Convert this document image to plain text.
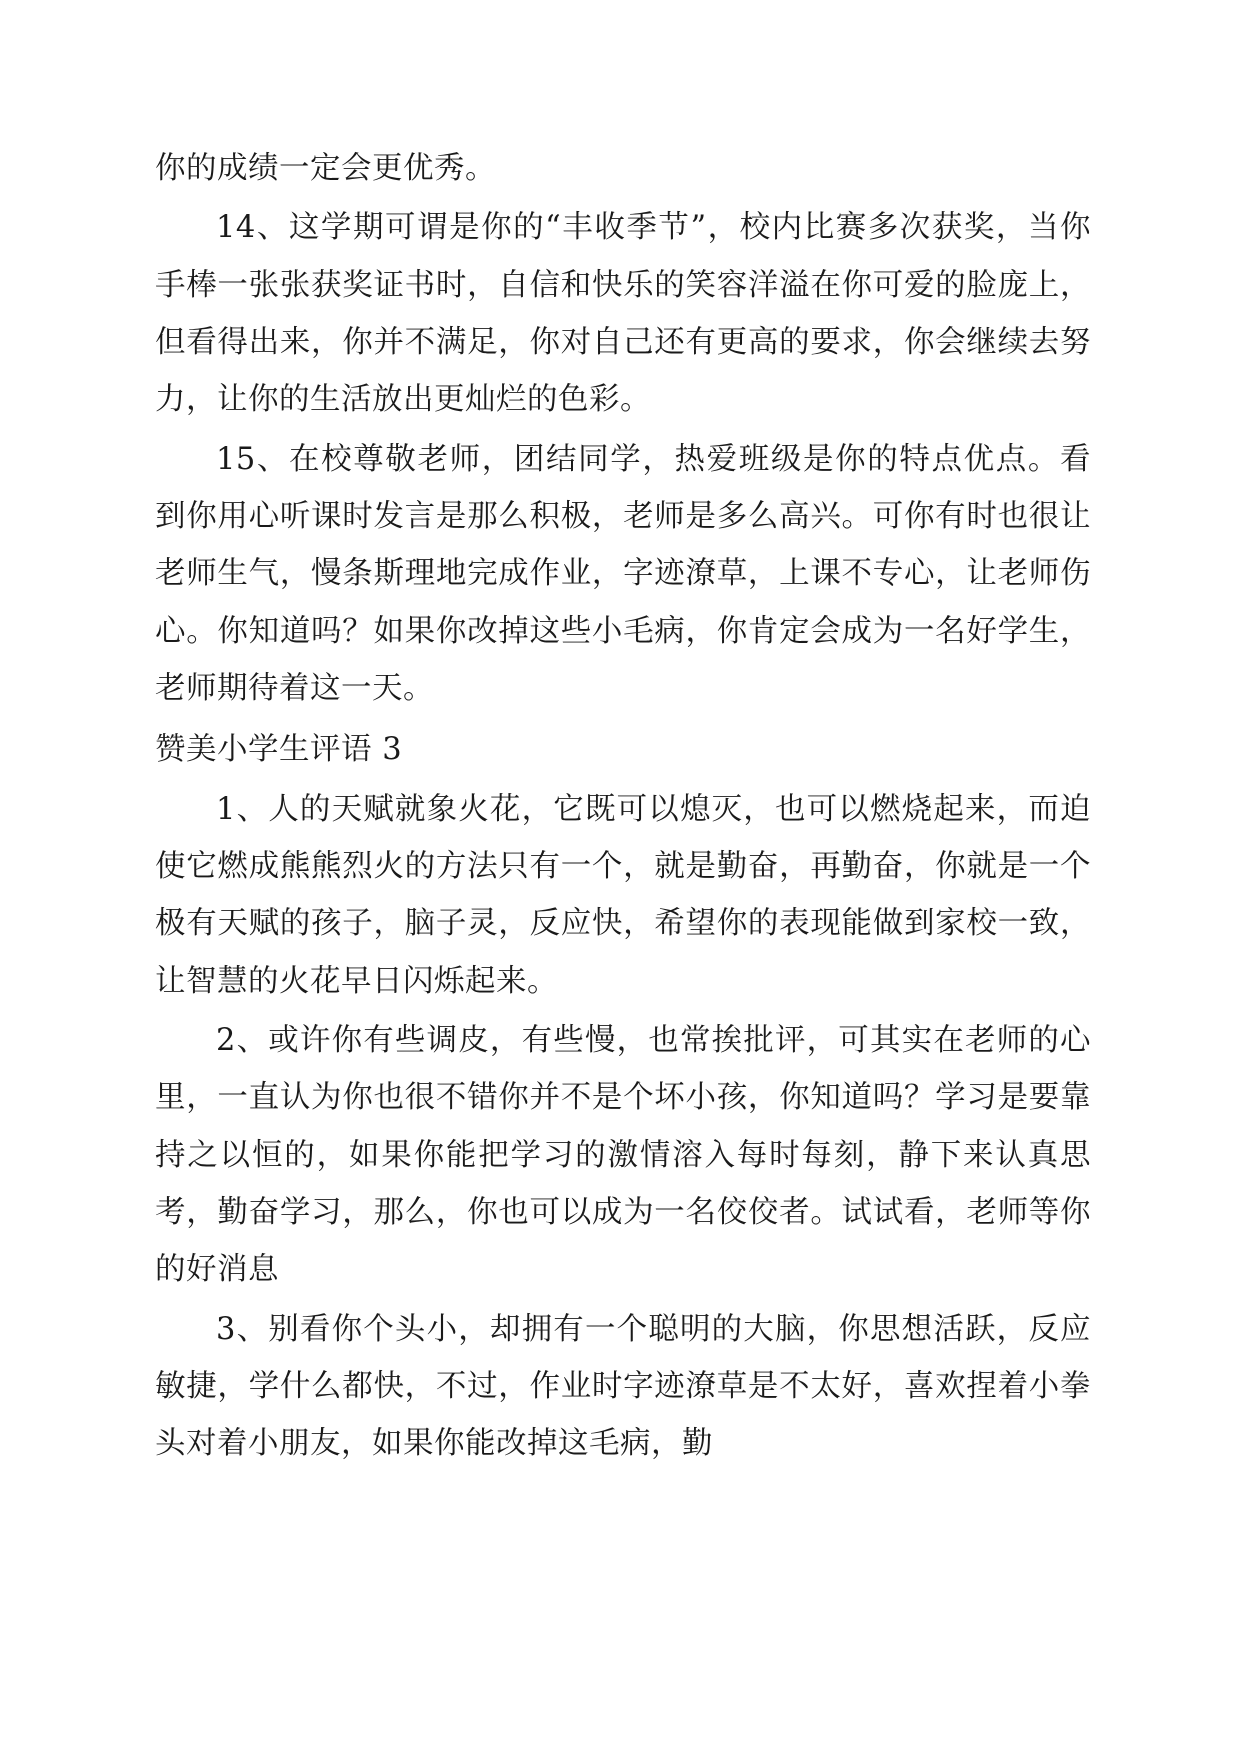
你的成绩一定会更优秀。

14、这学期可谓是你的“丰收季节”，校内比赛多次获奖，当你手棒一张张获奖证书时，自信和快乐的笑容洋溢在你可爱的脸庞上，但看得出来，你并不满足，你对自己还有更高的要求，你会继续去努力，让你的生活放出更灿烂的色彩。

15、在校尊敬老师，团结同学，热爱班级是你的特点优点。看到你用心听课时发言是那么积极，老师是多么高兴。可你有时也很让老师生气，慢条斯理地完成作业，字迹潦草，上课不专心，让老师伤心。你知道吗？如果你改掉这些小毛病，你肯定会成为一名好学生，老师期待着这一天。

赞美小学生评语 3

1、人的天赋就象火花，它既可以熄灭，也可以燃烧起来，而迫使它燃成熊熊烈火的方法只有一个，就是勤奋，再勤奋，你就是一个极有天赋的孩子，脑子灵，反应快，希望你的表现能做到家校一致，让智慧的火花早日闪烁起来。

2、或许你有些调皮，有些慢，也常挨批评，可其实在老师的心里，一直认为你也很不错你并不是个坏小孩，你知道吗？学习是要靠持之以恒的，如果你能把学习的激情溶入每时每刻，静下来认真思考，勤奋学习，那么，你也可以成为一名佼佼者。试试看，老师等你的好消息

3、别看你个头小，却拥有一个聪明的大脑，你思想活跃，反应敏捷，学什么都快，不过，作业时字迹潦草是不太好，喜欢捏着小拳头对着小朋友，如果你能改掉这毛病，勤
